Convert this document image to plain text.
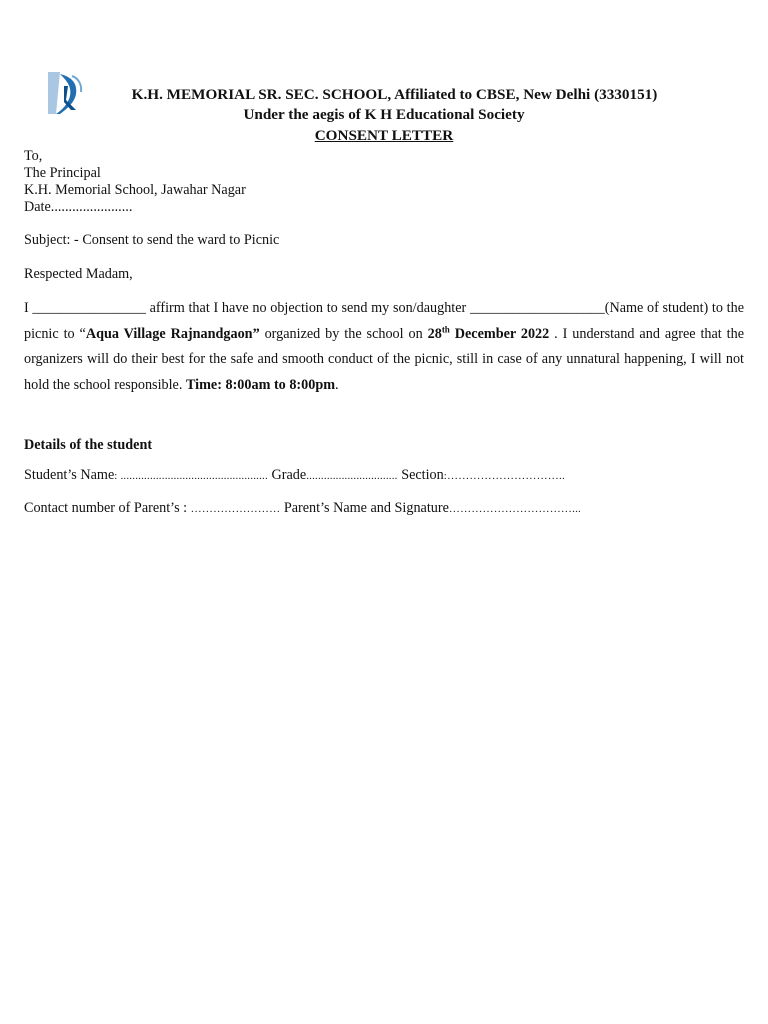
K.H. MEMORIAL SR. SEC. SCHOOL, Affiliated to CBSE, New Delhi (3330151)
Under the aegis of K H Educational Society
CONSENT LETTER
To,
The Principal
K.H. Memorial School, Jawahar Nagar
Date.......................
Subject: - Consent to send the ward to Picnic
Respected Madam,
I ________________ affirm that I have no objection to send my son/daughter ___________________(Name of student) to the picnic to “Aqua Village Rajnandgaon” organized by the school on 28th December 2022 . I understand and agree that the organizers will do their best for the safe and smooth conduct of the picnic, still in case of any unnatural happening, I will not hold the school responsible. Time: 8:00am to 8:00pm.
Details of the student
Student’s Name: .................................................. Grade............................... Section:…………………………..
Contact number of Parent’s : …………………… Parent’s Name and Signature……………………………...
